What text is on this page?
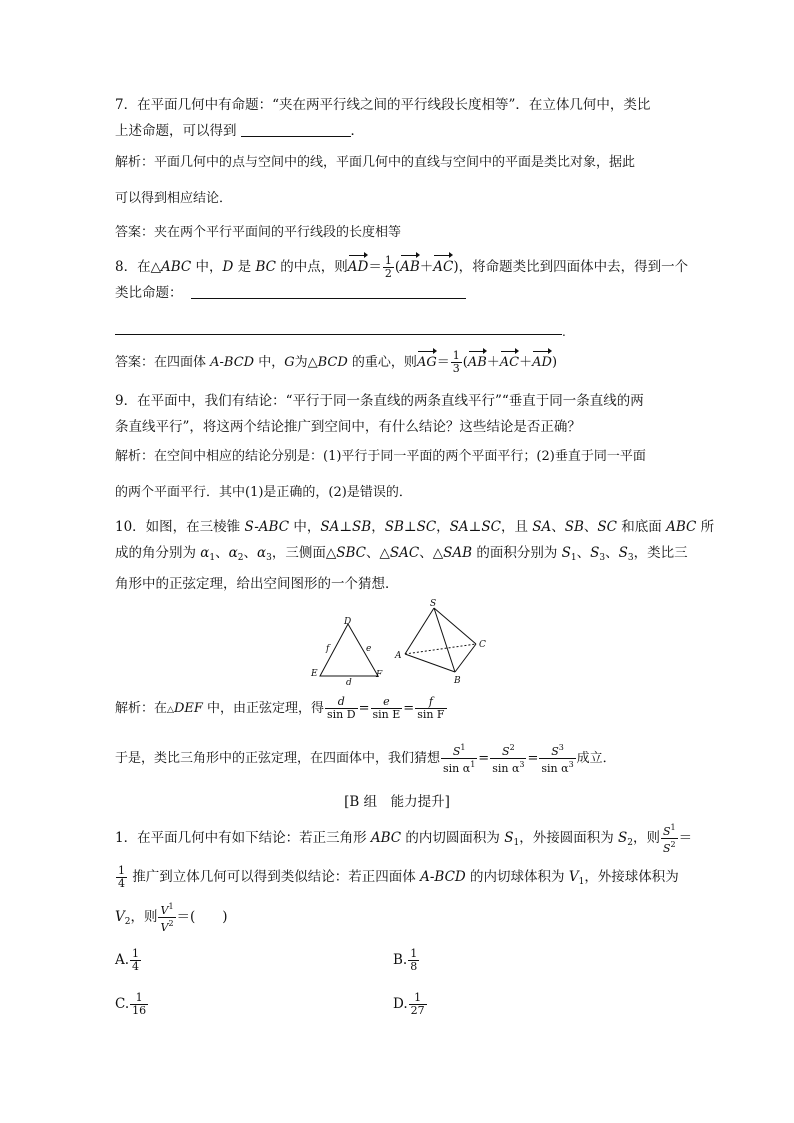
7．在平面几何中有命题：“夹在两平行线之间的平行线段长度相等”．在立体几何中，类比
上述命题，可以得到	．
解析：平面几何中的点与空间中的线，平面几何中的直线与空间中的平面是类比对象，据此
可以得到相应结论．
答案：夹在两个平行平面间的平行线段的长度相等
8．在△ABC 中，D 是 BC 的中点，则$AD= \frac{1}{2} (AB+AC)$，将命题类比到四面体中去，得到一个
类比命题：
.
答案：在四面体 A-BCD 中，G为△BCD 的重心，则$AG= \frac{1}{3} (AB+AC+AD)$
9．在平面中，我们有结论：“平行于同一条直线的两条直线平行”“垂直于同一条直线的两
条直线平行”，将这两个结论推广到空间中，有什么结论？这些结论是否正确？
解析：在空间中相应的结论分别是：(1)平行于同一平面的两个平面平行；(2)垂直于同一平面
的两个平面平行．其中(1)是正确的，(2)是错误的．
10．如图，在三棱锥 S-ABC 中，SA⊥SB，SB⊥SC，SA⊥SC，且 SA、SB、SC 和底面 ABC 所
成的角分别为 $\alpha_1$、$\alpha_2$、$\alpha_3$，三侧面△SBC、△SAC、△SAB 的面积分别为 $S_1$、$S_3$、$S_3$，类比三
角形中的正弦定理，给出空间图形的一个猜想．
D
E	F
d
e
f
S
A
B
C
解析：在△DEF 中，由正弦定理，得 $\frac{d}{\text{sin D}} = \frac{e}{\text{sin E}} = \frac{f}{\text{sin F}}$
于是，类比三角形中的正弦定理，在四面体中，我们猜想 $\frac{S^1}{\sin \alpha^1} = \frac{S^2}{\sin \alpha^3} = \frac{S^3}{\sin \alpha^3}$ 成立．
[B 组　能力提升]
1．在平面几何中有如下结论：若正三角形 ABC 的内切圆面积为 $S_1$，外接圆面积为 $S_2$，则 $\frac{S^1}{S^2}$ ＝
$\frac{1}{4}$ 推广到立体几何可以得到类似结论：若正四面体 A-BCD 的内切球体积为 $V_1$，外接球体积为
$V_2$，则 $\frac{V^1}{V^2}$ ＝(　　)
A. $\frac{1}{4}$	B. $\frac{1}{8}$
C. $\frac{1}{16}$	D. $\frac{1}{27}$
